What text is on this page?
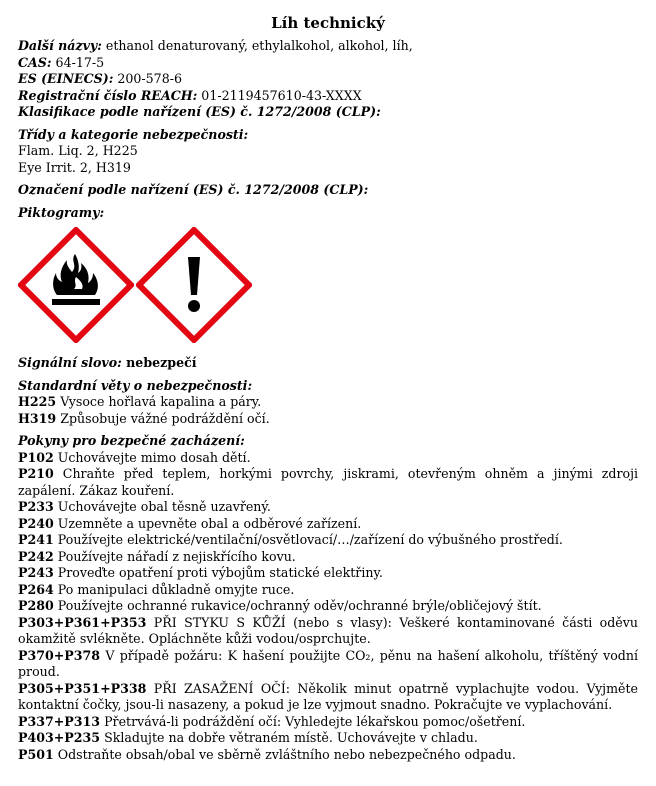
Líh technický

Další názvy: ethanol denaturovaný, ethylalkohol, alkohol, líh,

CAS: 64-17-5

ES (EINECS): 200-578-6

Registrační číslo REACH: 01-2119457610-43-XXXX

Klasifikace podle nařízení (ES) č. 1272/2008 (CLP):

Třídy a kategorie nebezpečnosti:

Flam. Liq. 2, H225

Eye Irrit. 2, H319

Označení podle nařízení (ES) č. 1272/2008 (CLP):

Piktogramy:

Signální slovo: nebezpečí

Standardní věty o nebezpečnosti:

H225 Vysoce hořlavá kapalina a páry.

H319 Způsobuje vážné podráždění očí.

Pokyny pro bezpečné zacházení:

P102 Uchovávejte mimo dosah dětí.

P210 Chraňte před teplem, horkými povrchy, jiskrami, otevřeným ohněm a jinými zdroji zapálení. Zákaz kouření.

P233 Uchovávejte obal těsně uzavřený.

P240 Uzemněte a upevněte obal a odběrové zařízení.

P241 Používejte elektrické/ventilační/osvětlovací/…/zařízení do výbušného prostředí.

P242 Používejte nářadí z nejiskřícího kovu.

P243 Proveďte opatření proti výbojům statické elektřiny.

P264 Po manipulaci důkladně omyjte ruce.

P280 Používejte ochranné rukavice/ochranný oděv/ochranné brýle/obličejový štít.

P303+P361+P353 PŘI STYKU S KŮŽÍ (nebo s vlasy): Veškeré kontaminované části oděvu okamžitě svlékněte. Opláchněte kůži vodou/osprchujte.

P370+P378 V případě požáru: K hašení použijte CO₂, pěnu na hašení alkoholu, tříštěný vodní proud.

P305+P351+P338 PŘI ZASAŽENÍ OČÍ: Několik minut opatrně vyplachujte vodou. Vyjměte kontaktní čočky, jsou-li nasazeny, a pokud je lze vyjmout snadno. Pokračujte ve vyplachování.

P337+P313 Přetrvává-li podráždění očí: Vyhledejte lékařskou pomoc/ošetření.

P403+P235 Skladujte na dobře větraném místě. Uchovávejte v chladu.

P501 Odstraňte obsah/obal ve sběrně zvláštního nebo nebezpečného odpadu.
